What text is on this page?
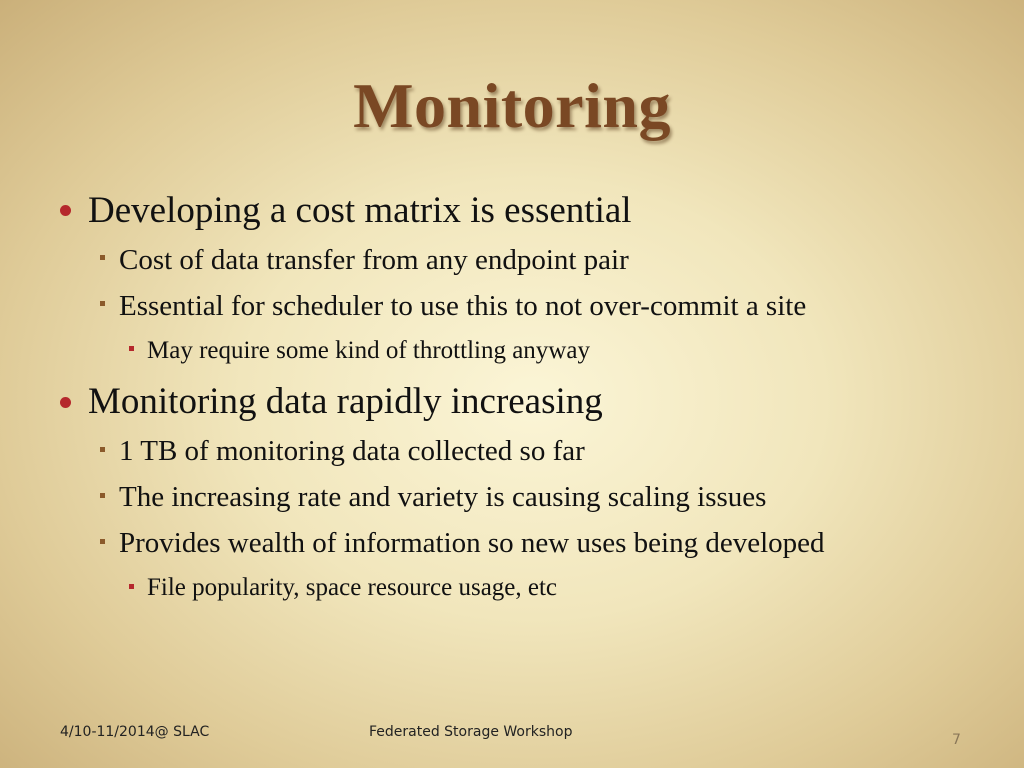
Monitoring
Developing a cost matrix is essential
Cost of data transfer from any endpoint pair
Essential for scheduler to use this to not over-commit a site
May require some kind of throttling anyway
Monitoring data rapidly increasing
1 TB of monitoring data collected so far
The increasing rate and variety is causing scaling issues
Provides wealth of information so new uses being developed
File popularity, space resource usage, etc
4/10-11/2014@ SLAC	Federated Storage Workshop	7
